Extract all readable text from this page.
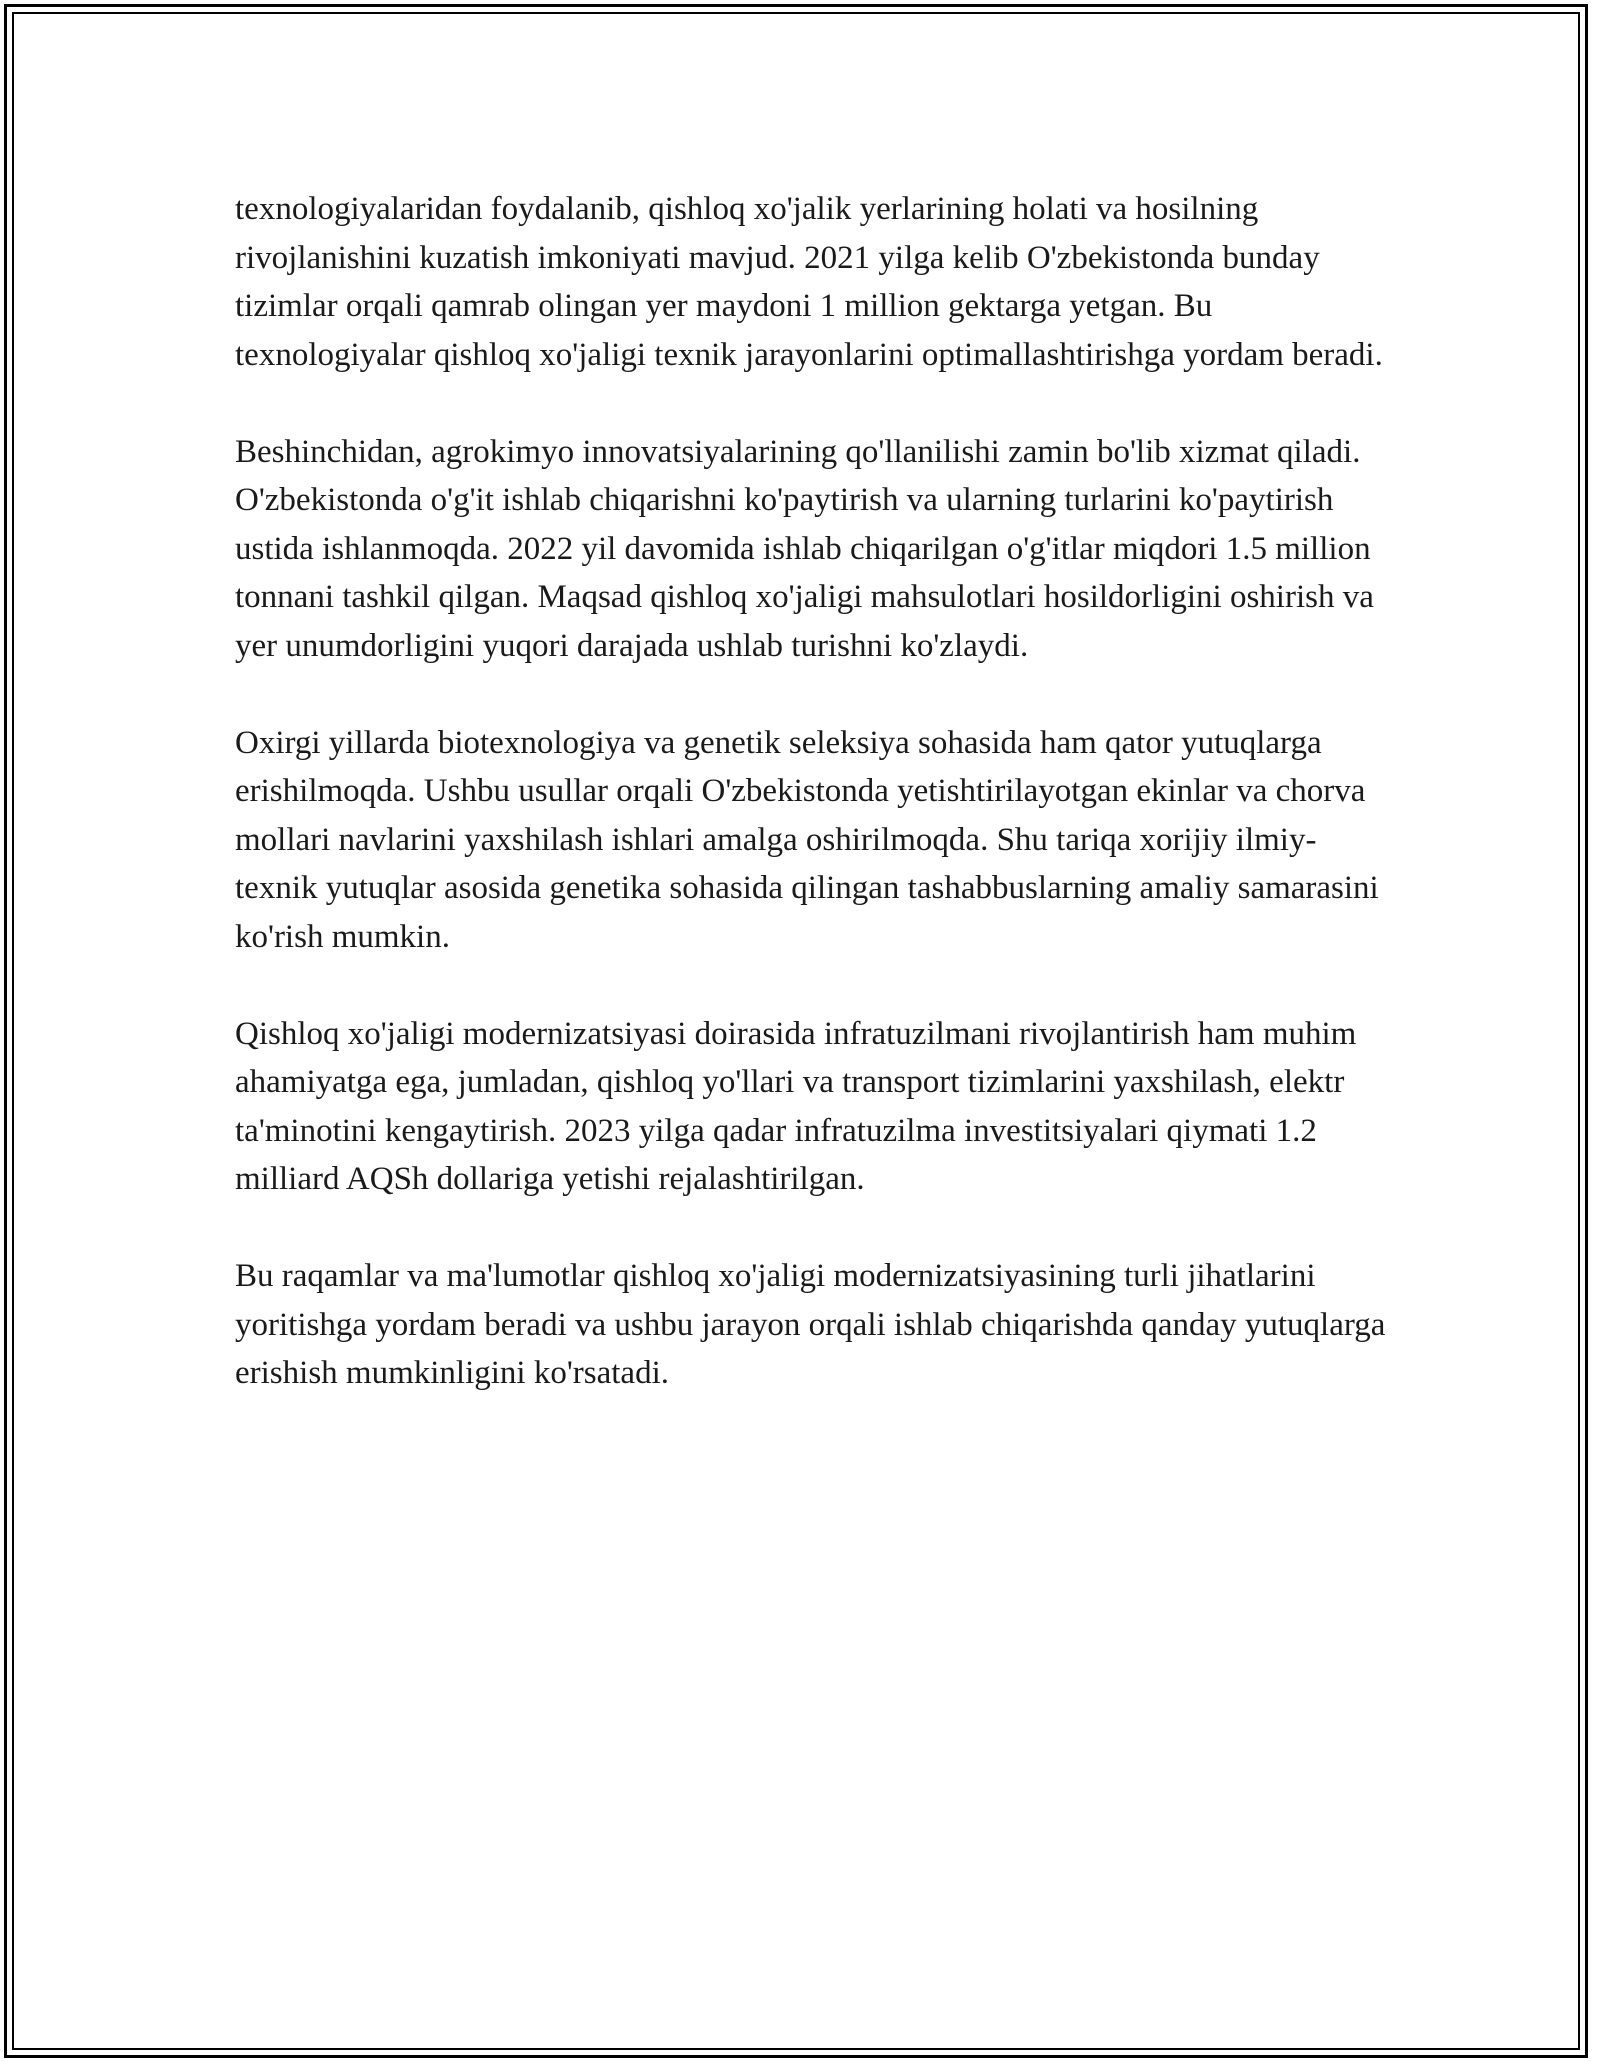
texnologiyalaridan foydalanib, qishloq xo'jalik yerlarining holati va hosilning rivojlanishini kuzatish imkoniyati mavjud. 2021 yilga kelib O'zbekistonda bunday tizimlar orqali qamrab olingan yer maydoni 1 million gektarga yetgan. Bu texnologiyalar qishloq xo'jaligi texnik jarayonlarini optimallashtirishga yordam beradi.

Beshinchidan, agrokimyo innovatsiyalarining qo'llanilishi zamin bo'lib xizmat qiladi. O'zbekistonda o'g'it ishlab chiqarishni ko'paytirish va ularning turlarini ko'paytirish ustida ishlanmoqda. 2022 yil davomida ishlab chiqarilgan o'g'itlar miqdori 1.5 million tonnani tashkil qilgan. Maqsad qishloq xo'jaligi mahsulotlari hosildorligini oshirish va yer unumdorligini yuqori darajada ushlab turishni ko'zlaydi.

Oxirgi yillarda biotexnologiya va genetik seleksiya sohasida ham qator yutuqlarga erishilmoqda. Ushbu usullar orqali O'zbekistonda yetishtirilayotgan ekinlar va chorva mollari navlarini yaxshilash ishlari amalga oshirilmoqda. Shu tariqa xorijiy ilmiy-texnik yutuqlar asosida genetika sohasida qilingan tashabbuslarning amaliy samarasini ko'rish mumkin.

Qishloq xo'jaligi modernizatsiyasi doirasida infratuzilmani rivojlantirish ham muhim ahamiyatga ega, jumladan, qishloq yo'llari va transport tizimlarini yaxshilash, elektr ta'minotini kengaytirish. 2023 yilga qadar infratuzilma investitsiyalari qiymati 1.2 milliard AQSh dollariga yetishi rejalashtirilgan.

Bu raqamlar va ma'lumotlar qishloq xo'jaligi modernizatsiyasining turli jihatlarini yoritishga yordam beradi va ushbu jarayon orqali ishlab chiqarishda qanday yutuqlarga erishish mumkinligini ko'rsatadi.
